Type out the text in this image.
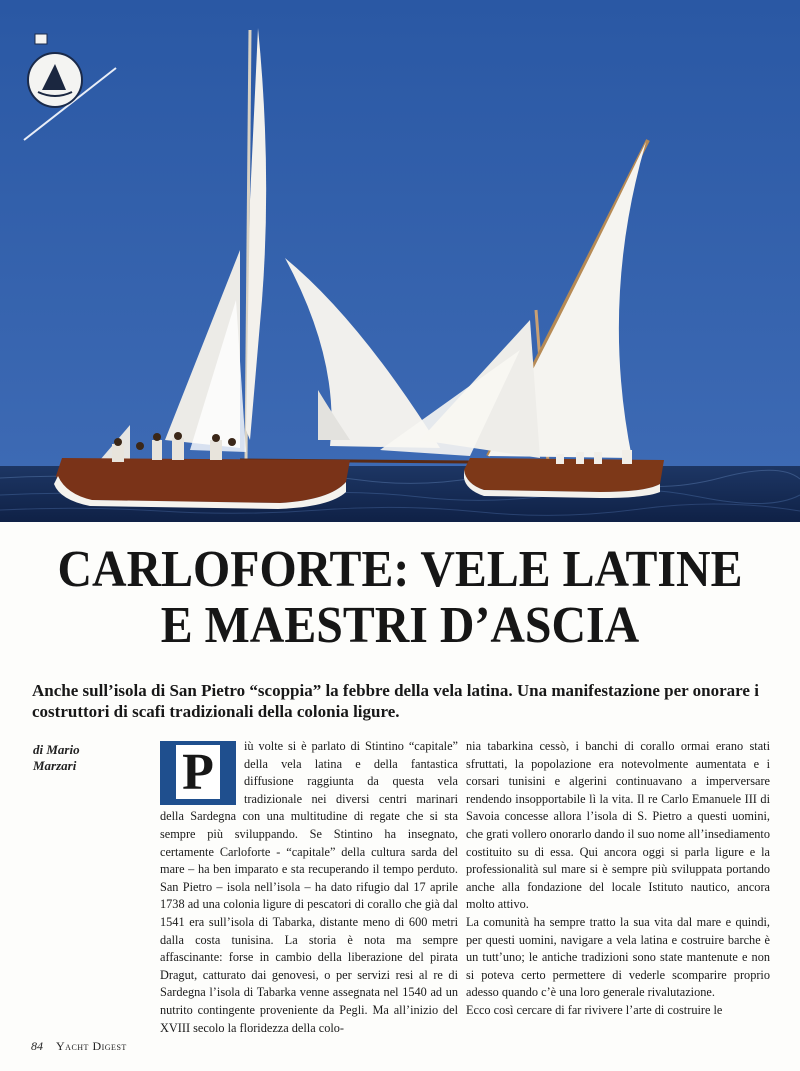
CARLOFORTE: VELE LATINE
E MAESTRI D’ASCIA

Anche sull’isola di San Pietro “scoppia” la febbre della vela latina. Una manifestazione per onorare i costruttori di scafi tradizionali della colonia ligure.

di Mario
Marzari	P	iù volte si è parlato di Stintino “capitale” della vela latina e della fantastica diffusione raggiunta da questa vela tradizionale nei diversi centri marinari della Sardegna con una multitudine di regate che si sta sempre più sviluppando. Se Stintino ha insegnato, certamente Carloforte - “capitale” della cultura sarda del mare – ha ben imparato e sta recuperando il tempo perduto. San Pietro – isola nell’isola – ha dato rifugio dal 17 aprile 1738 ad una colonia ligure di pescatori di corallo che già dal 1541 era sull’isola di Tabarka, distante meno di 600 metri dalla costa tunisina. La storia è nota ma sempre affascinante: forse in cambio della liberazione del pirata Dragut, catturato dai genovesi, o per servizi resi al re di Sardegna l’isola di Tabarka venne assegnata nel 1540 ad un nutrito contingente proveniente da Pegli. Ma all’inizio del XVIII secolo la floridezza della colo-

nia tabarkina cessò, i banchi di corallo ormai erano stati sfruttati, la popolazione era notevolmente aumentata e i corsari tunisini e algerini continuavano a imperversare rendendo insopportabile lì la vita. Il re Carlo Emanuele III di Savoia concesse allora l’isola di S. Pietro a questi uomini, che grati vollero onorarlo dando il suo nome all’insediamento costituito su di essa. Qui ancora oggi si parla ligure e la professionalità sul mare si è sempre più sviluppata portando anche alla fondazione del locale Istituto nautico, ancora molto attivo.

La comunità ha sempre tratto la sua vita dal mare e quindi, per questi uomini, navigare a vela latina e costruire barche è un tutt’uno; le antiche tradizioni sono state mantenute e non si poteva certo permettere di vederle scomparire proprio adesso quando c’è una loro generale rivalutazione.

Ecco così cercare di far rivivere l’arte di costruire le

84 Yacht Digest
